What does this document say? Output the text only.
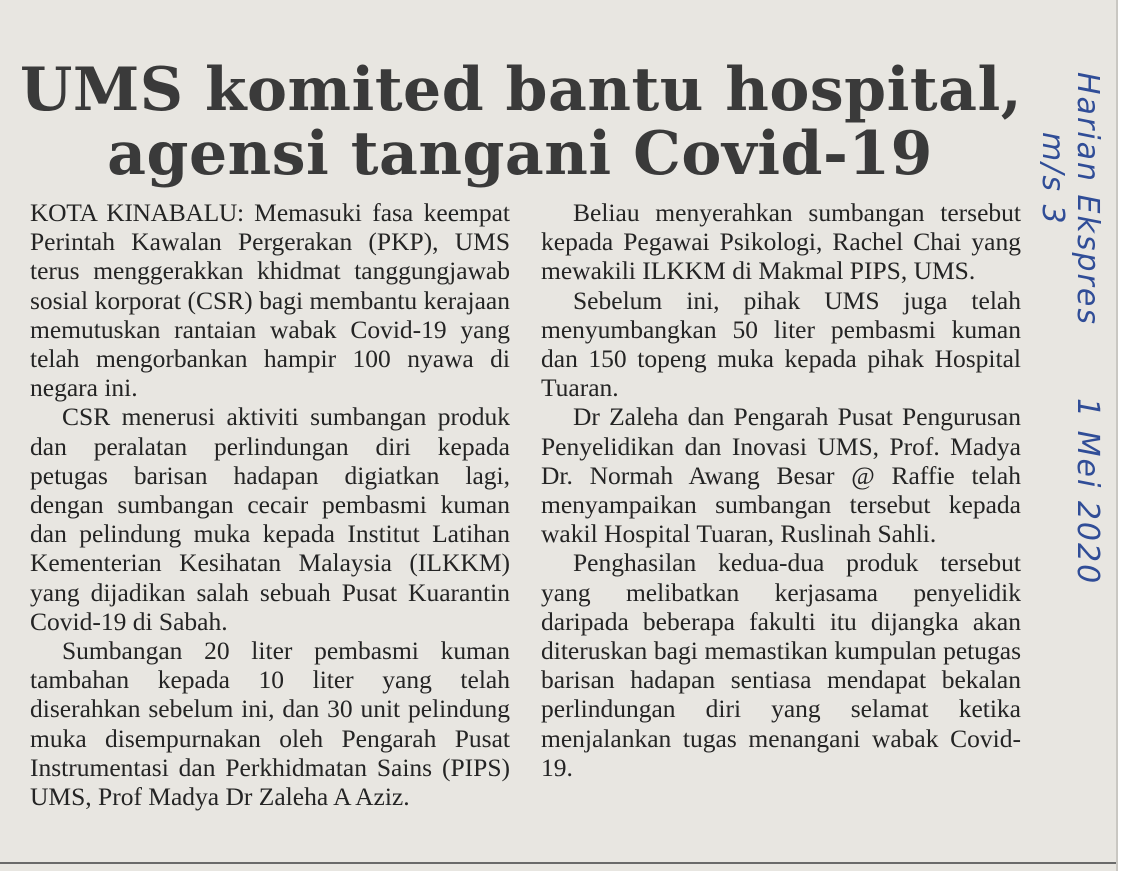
UMS komited bantu hospital,
agensi tangani Covid-19

KOTA KINABALU: Memasuki fasa keempat Perintah Kawalan Pergerakan (PKP), UMS terus menggerakkan khidmat tanggungjawab sosial korporat (CSR) bagi membantu kerajaan memutuskan rantaian wabak Covid-19 yang telah mengorbankan hampir 100 nyawa di negara ini.

CSR menerusi aktiviti sumbangan produk dan peralatan perlindungan diri kepada petugas barisan hadapan digiatkan lagi, dengan sumbangan cecair pembasmi kuman dan pelindung muka kepada Institut Latihan Kementerian Kesihatan Malaysia (ILKKM) yang dijadikan salah sebuah Pusat Kuarantin Covid-19 di Sabah.

Sumbangan 20 liter pembasmi kuman tambahan kepada 10 liter yang telah diserahkan sebelum ini, dan 30 unit pelindung muka disempurnakan oleh Pengarah Pusat Instrumentasi dan Perkhidmatan Sains (PIPS) UMS, Prof Madya Dr Zaleha A Aziz.

Beliau menyerahkan sumbangan tersebut kepada Pegawai Psikologi, Rachel Chai yang mewakili ILKKM di Makmal PIPS, UMS.

Sebelum ini, pihak UMS juga telah menyumbangkan 50 liter pembasmi kuman dan 150 topeng muka kepada pihak Hospital Tuaran.

Dr Zaleha dan Pengarah Pusat Pengurusan Penyelidikan dan Inovasi UMS, Prof. Madya Dr. Normah Awang Besar @ Raffie telah menyampaikan sumbangan tersebut kepada wakil Hospital Tuaran, Ruslinah Sahli.

Penghasilan kedua-dua produk tersebut yang melibatkan kerjasama penyelidik daripada beberapa fakulti itu dijangka akan diteruskan bagi memastikan kumpulan petugas barisan hadapan sentiasa mendapat bekalan perlindungan diri yang selamat ketika menjalankan tugas menangani wabak Covid-19.

Harian Ekspres 1 Mei 2020 m/s 3
